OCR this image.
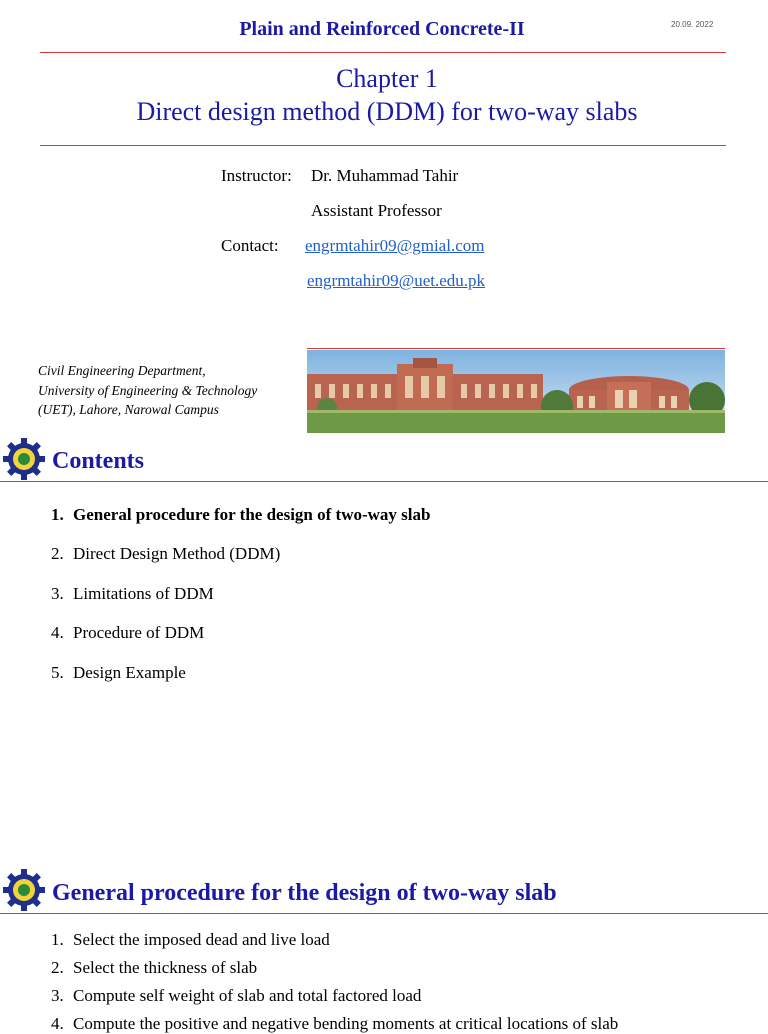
Plain and Reinforced Concrete-II	20.09. 2022
Chapter 1
Direct design method (DDM) for two-way slabs
Instructor: Dr. Muhammad Tahir
Assistant Professor
Contact: engrmtahir09@gmial.com
engrmtahir09@uet.edu.pk
Civil Engineering Department,
University of Engineering & Technology
(UET), Lahore, Narowal Campus
Contents
1. General procedure for the design of two-way slab
2. Direct Design Method (DDM)
3. Limitations of DDM
4. Procedure of DDM
5. Design Example
General procedure for the design of two-way slab
1. Select the imposed dead and live load
2. Select the thickness of slab
3. Compute self weight of slab and total factored load
4. Compute the positive and negative bending moments at critical locations of slab
